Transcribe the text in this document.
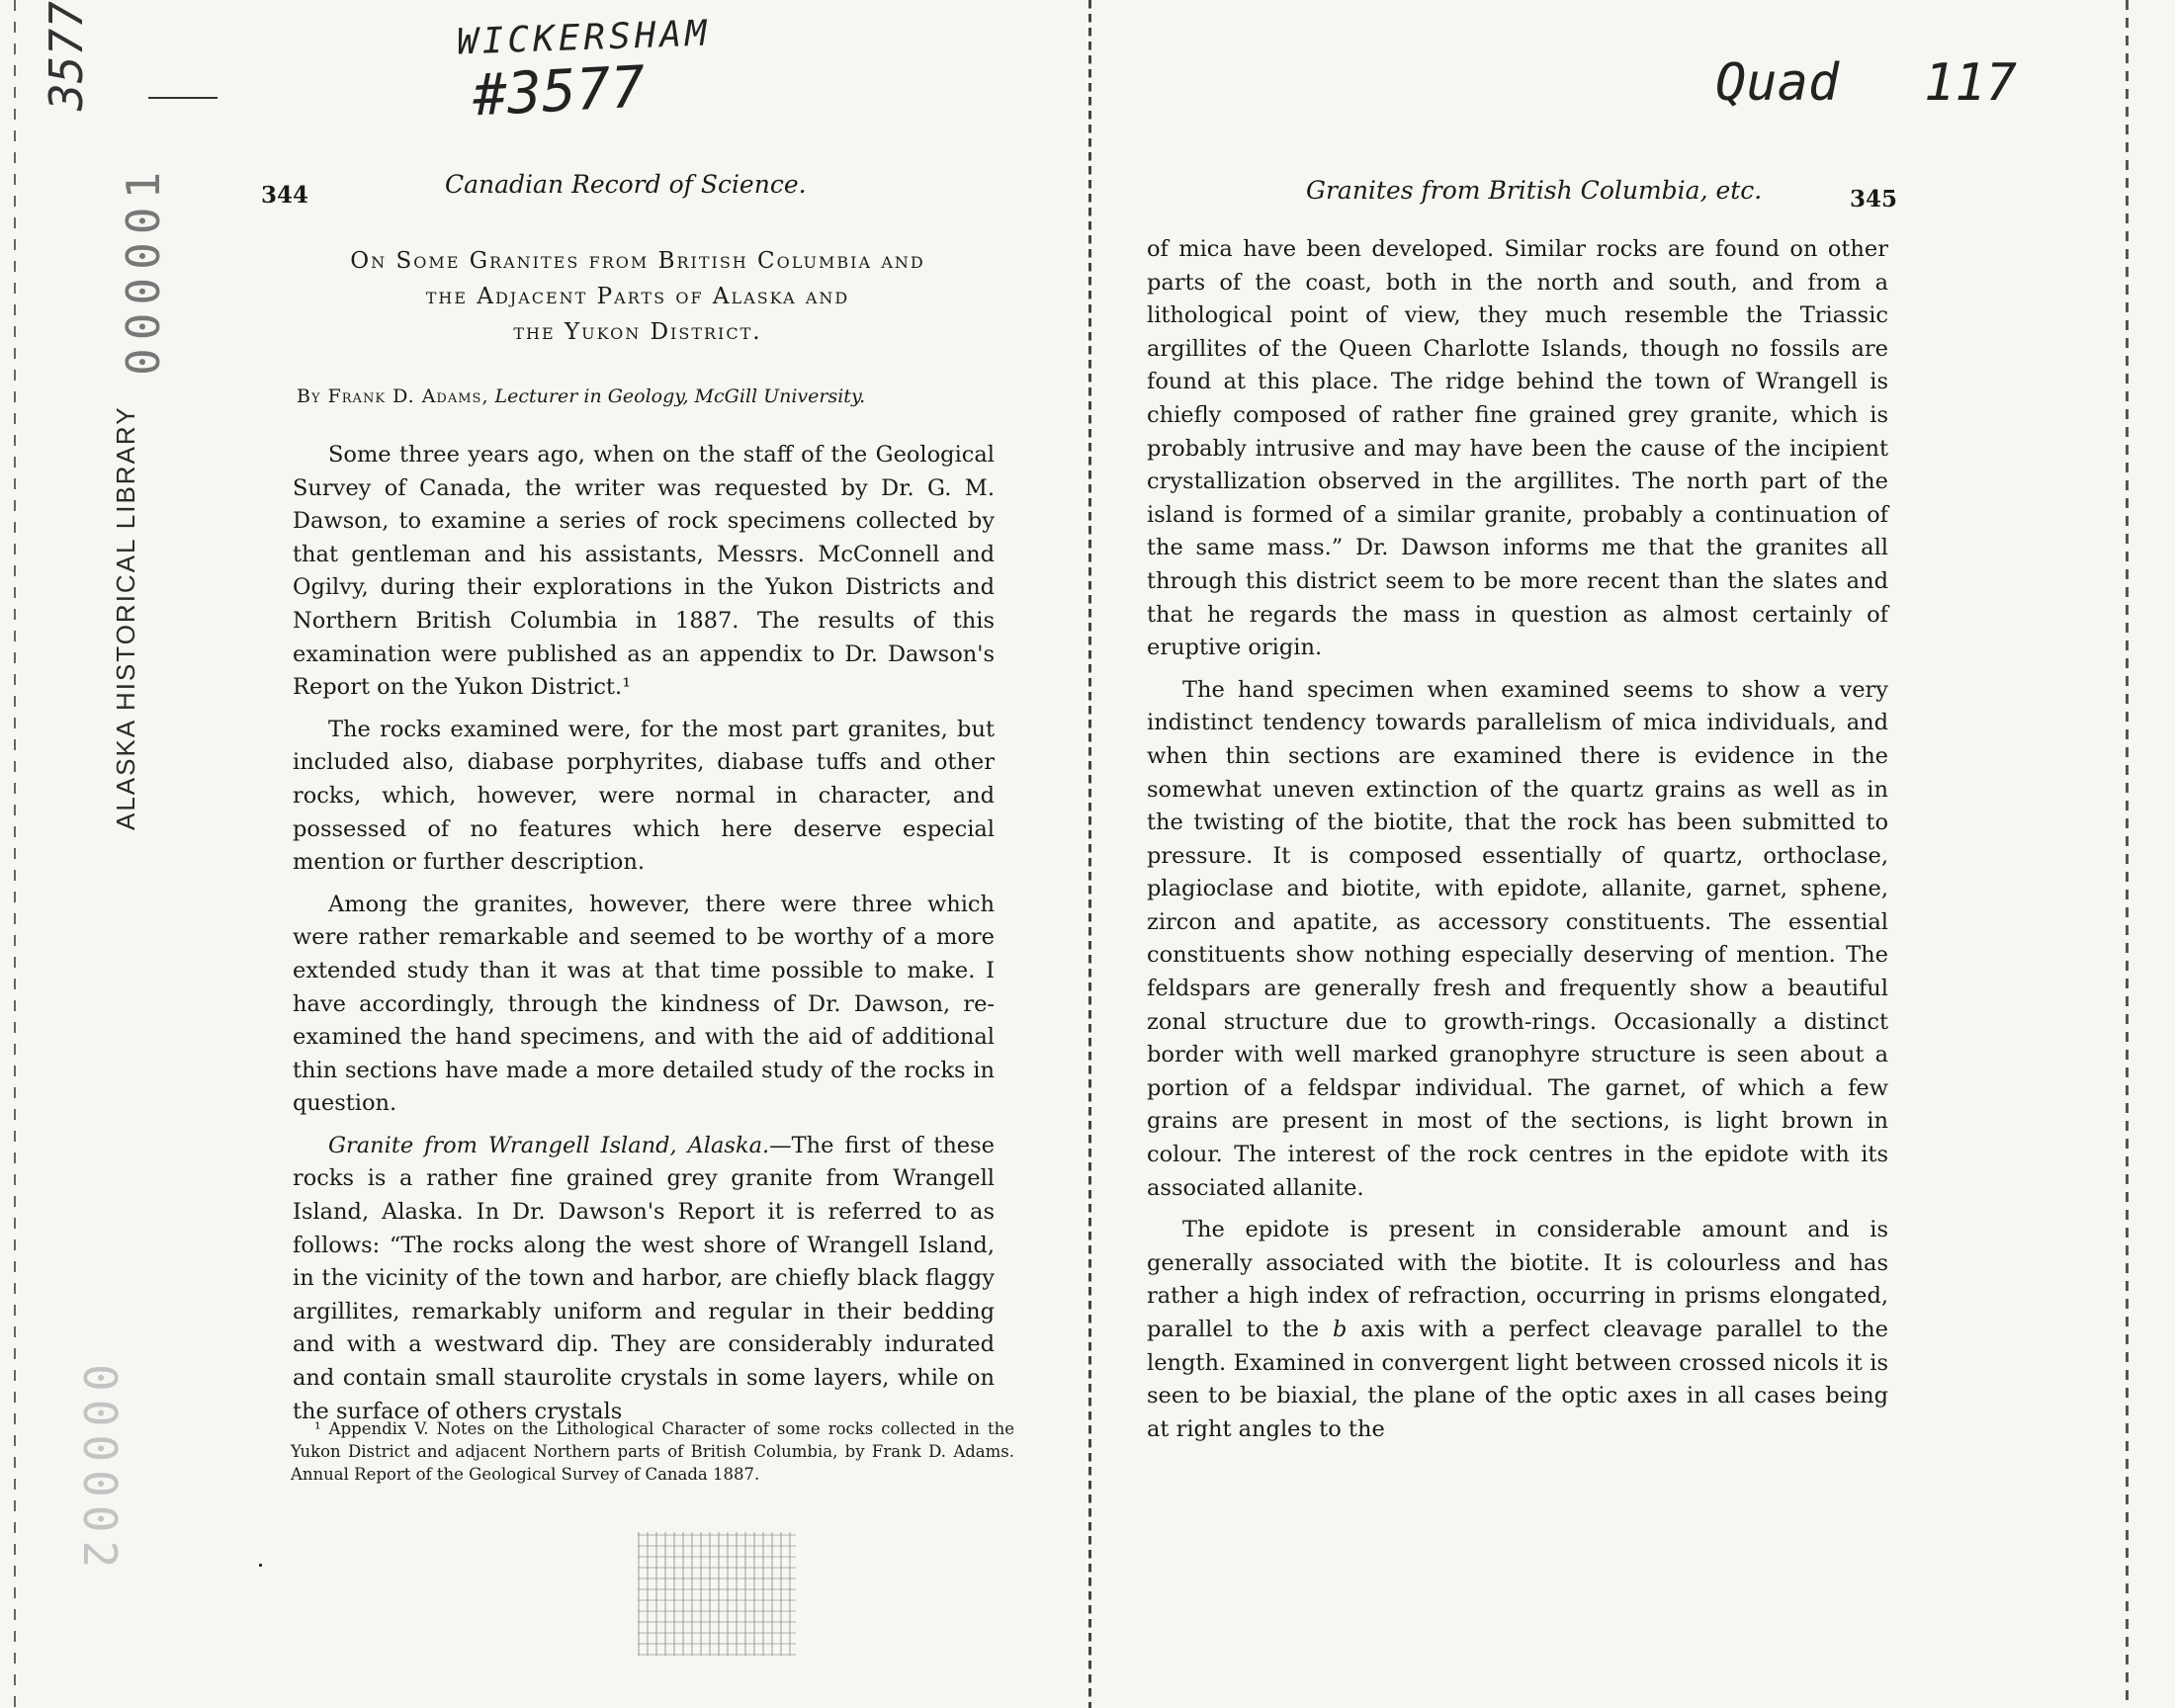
WICKERSHAM
#3577	Quad 117
3577
000001
ALASKA HISTORICAL LIBRARY
000002
344	Canadian Record of Science.
On Some Granites from British Columbia and
the Adjacent Parts of Alaska and
the Yukon District.
By Frank D. Adams, Lecturer in Geology, McGill University.

Some three years ago, when on the staff of the Geological Survey of Canada, the writer was requested by Dr. G. M. Dawson, to examine a series of rock specimens collected by that gentleman and his assistants, Messrs. McConnell and Ogilvy, during their explorations in the Yukon Districts and Northern British Columbia in 1887. The results of this examination were published as an appendix to Dr. Dawson's Report on the Yukon District.¹

The rocks examined were, for the most part granites, but included also, diabase porphyrites, diabase tuffs and other rocks, which, however, were normal in character, and possessed of no features which here deserve especial mention or further description.

Among the granites, however, there were three which were rather remarkable and seemed to be worthy of a more extended study than it was at that time possible to make. I have accordingly, through the kindness of Dr. Dawson, re-examined the hand specimens, and with the aid of additional thin sections have made a more detailed study of the rocks in question.

Granite from Wrangell Island, Alaska.—The first of these rocks is a rather fine grained grey granite from Wrangell Island, Alaska. In Dr. Dawson's Report it is referred to as follows: “The rocks along the west shore of Wrangell Island, in the vicinity of the town and harbor, are chiefly black flaggy argillites, remarkably uniform and regular in their bedding and with a westward dip. They are considerably indurated and contain small staurolite crystals in some layers, while on the surface of others crystals

¹ Appendix V. Notes on the Lithological Character of some rocks collected in the Yukon District and adjacent Northern parts of British Columbia, by Frank D. Adams. Annual Report of the Geological Survey of Canada 1887.

Granites from British Columbia, etc.	345

of mica have been developed. Similar rocks are found on other parts of the coast, both in the north and south, and from a lithological point of view, they much resemble the Triassic argillites of the Queen Charlotte Islands, though no fossils are found at this place. The ridge behind the town of Wrangell is chiefly composed of rather fine grained grey granite, which is probably intrusive and may have been the cause of the incipient crystallization observed in the argillites. The north part of the island is formed of a similar granite, probably a continuation of the same mass.” Dr. Dawson informs me that the granites all through this district seem to be more recent than the slates and that he regards the mass in question as almost certainly of eruptive origin.

The hand specimen when examined seems to show a very indistinct tendency towards parallelism of mica individuals, and when thin sections are examined there is evidence in the somewhat uneven extinction of the quartz grains as well as in the twisting of the biotite, that the rock has been submitted to pressure. It is composed essentially of quartz, orthoclase, plagioclase and biotite, with epidote, allanite, garnet, sphene, zircon and apatite, as accessory constituents. The essential constituents show nothing especially deserving of mention. The feldspars are generally fresh and frequently show a beautiful zonal structure due to growth-rings. Occasionally a distinct border with well marked granophyre structure is seen about a portion of a feldspar individual. The garnet, of which a few grains are present in most of the sections, is light brown in colour. The interest of the rock centres in the epidote with its associated allanite.

The epidote is present in considerable amount and is generally associated with the biotite. It is colourless and has rather a high index of refraction, occurring in prisms elongated, parallel to the b axis with a perfect cleavage parallel to the length. Examined in convergent light between crossed nicols it is seen to be biaxial, the plane of the optic axes in all cases being at right angles to the
